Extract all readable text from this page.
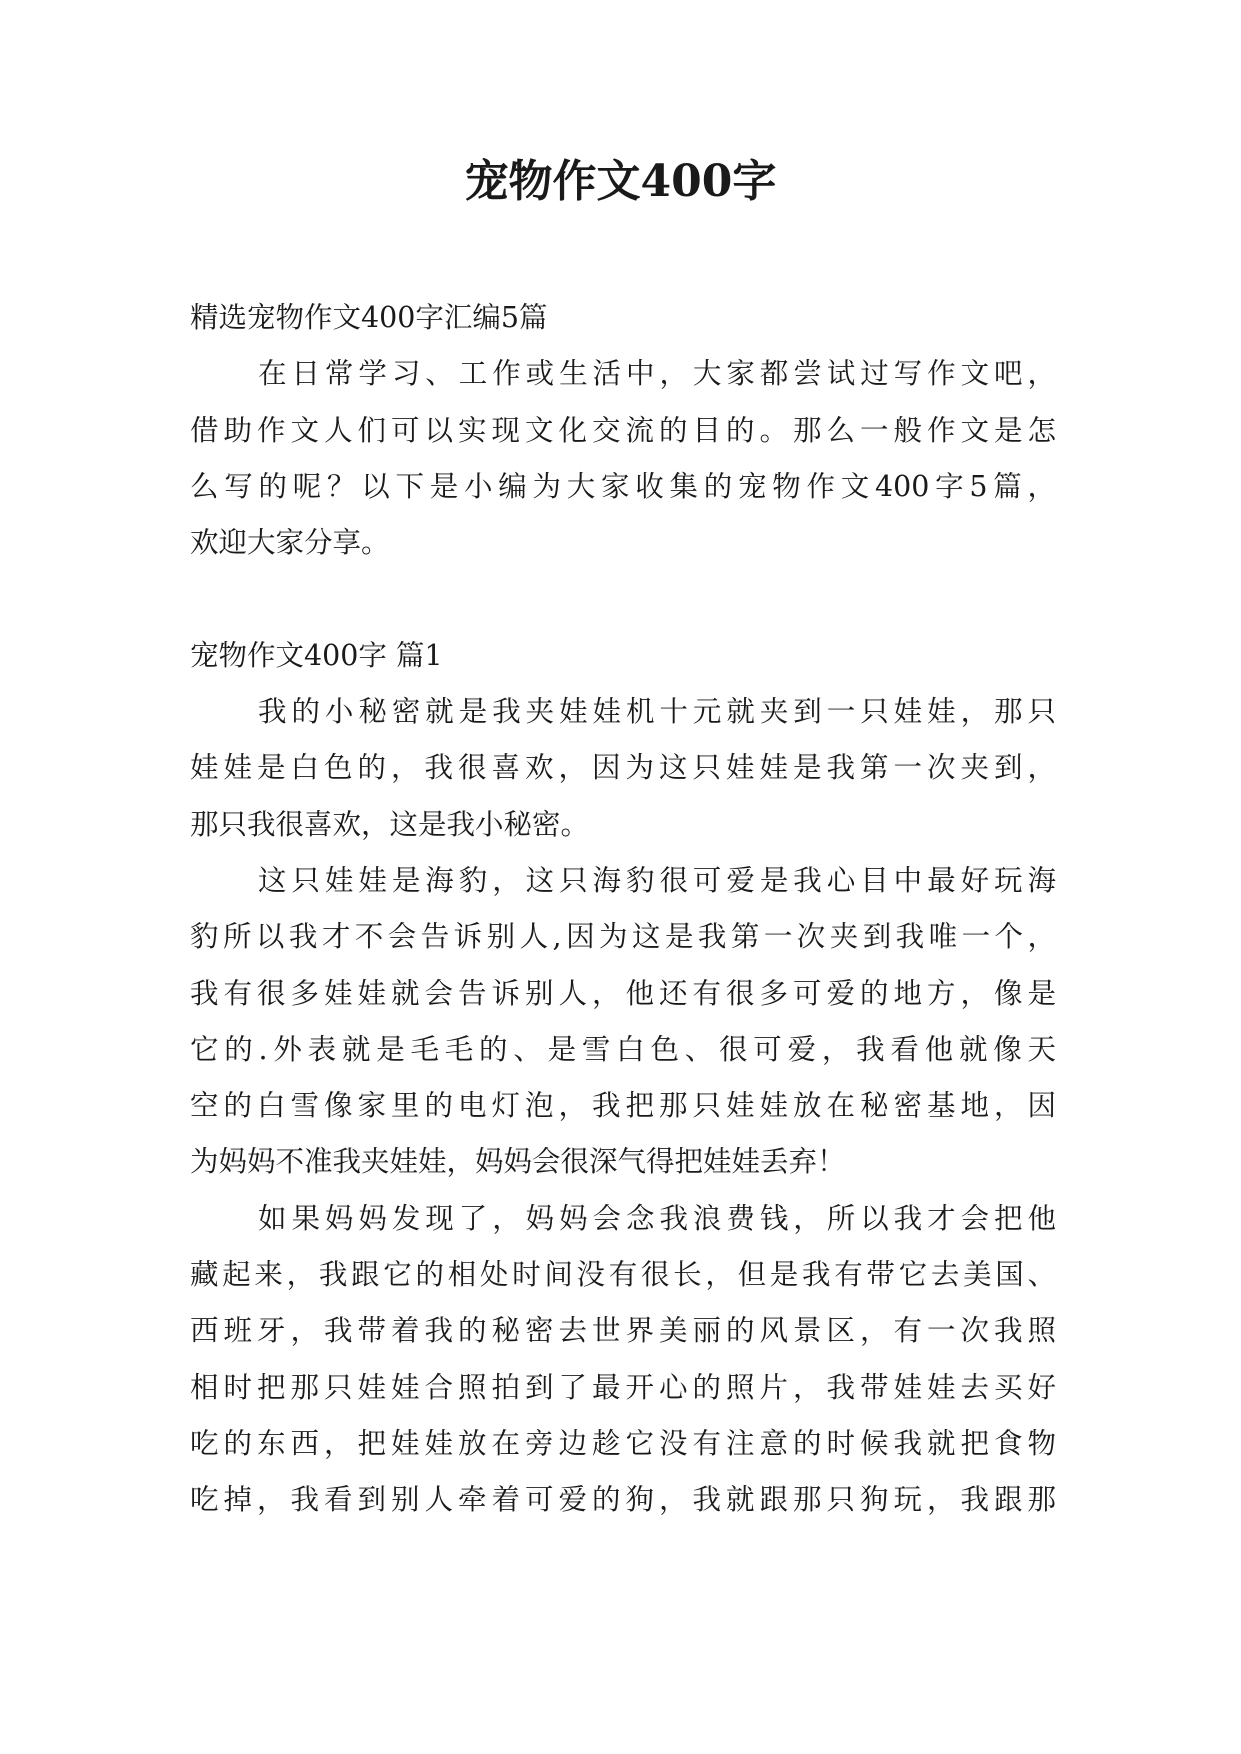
宠物作文400字
精选宠物作文400字汇编5篇
在日常学习、工作或生活中，大家都尝试过写作文吧，
借助作文人们可以实现文化交流的目的。那么一般作文是怎
么写的呢？以下是小编为大家收集的宠物作文400字5篇，
欢迎大家分享。
宠物作文400字 篇1
我的小秘密就是我夹娃娃机十元就夹到一只娃娃，那只
娃娃是白色的，我很喜欢，因为这只娃娃是我第一次夹到，
那只我很喜欢，这是我小秘密。
这只娃娃是海豹，这只海豹很可爱是我心目中最好玩海
豹所以我才不会告诉别人,因为这是我第一次夹到我唯一个，
我有很多娃娃就会告诉别人，他还有很多可爱的地方，像是
它的.外表就是毛毛的、是雪白色、很可爱，我看他就像天
空的白雪像家里的电灯泡，我把那只娃娃放在秘密基地，因
为妈妈不准我夹娃娃，妈妈会很深气得把娃娃丢弃！
如果妈妈发现了，妈妈会念我浪费钱，所以我才会把他
藏起来，我跟它的相处时间没有很长，但是我有带它去美国、
西班牙，我带着我的秘密去世界美丽的风景区，有一次我照
相时把那只娃娃合照拍到了最开心的照片，我带娃娃去买好
吃的东西，把娃娃放在旁边趁它没有注意的时候我就把食物
吃掉，我看到别人牵着可爱的狗，我就跟那只狗玩，我跟那
